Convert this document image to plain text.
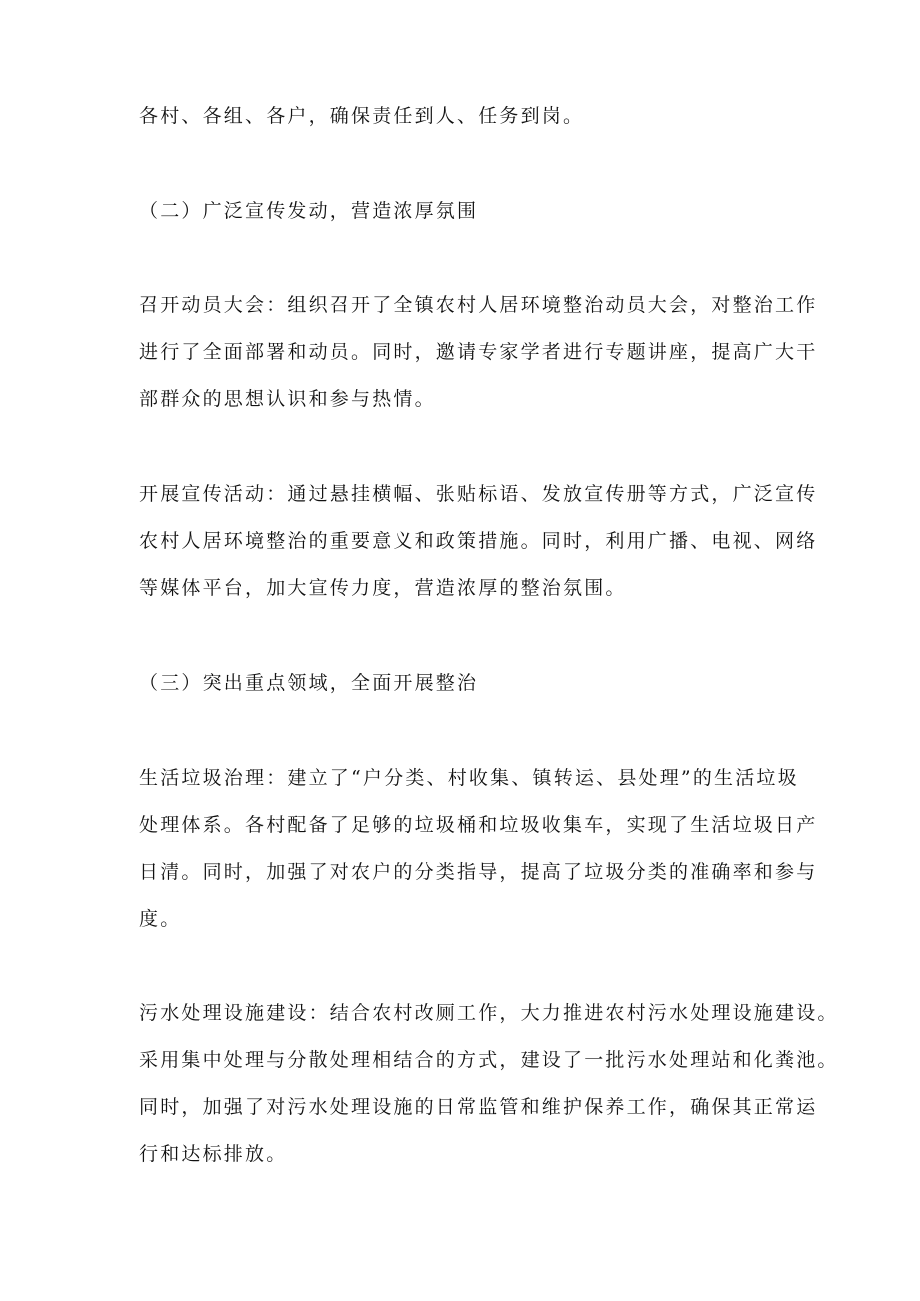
各村、各组、各户，确保责任到人、任务到岗。
（二）广泛宣传发动，营造浓厚氛围
召开动员大会：组织召开了全镇农村人居环境整治动员大会，对整治工作
进行了全面部署和动员。同时，邀请专家学者进行专题讲座，提高广大干
部群众的思想认识和参与热情。
开展宣传活动：通过悬挂横幅、张贴标语、发放宣传册等方式，广泛宣传
农村人居环境整治的重要意义和政策措施。同时，利用广播、电视、网络
等媒体平台，加大宣传力度，营造浓厚的整治氛围。
（三）突出重点领域，全面开展整治
生活垃圾治理：建立了“户分类、村收集、镇转运、县处理”的生活垃圾
处理体系。各村配备了足够的垃圾桶和垃圾收集车，实现了生活垃圾日产
日清。同时，加强了对农户的分类指导，提高了垃圾分类的准确率和参与
度。
污水处理设施建设：结合农村改厕工作，大力推进农村污水处理设施建设。
采用集中处理与分散处理相结合的方式，建设了一批污水处理站和化粪池。
同时，加强了对污水处理设施的日常监管和维护保养工作，确保其正常运
行和达标排放。
